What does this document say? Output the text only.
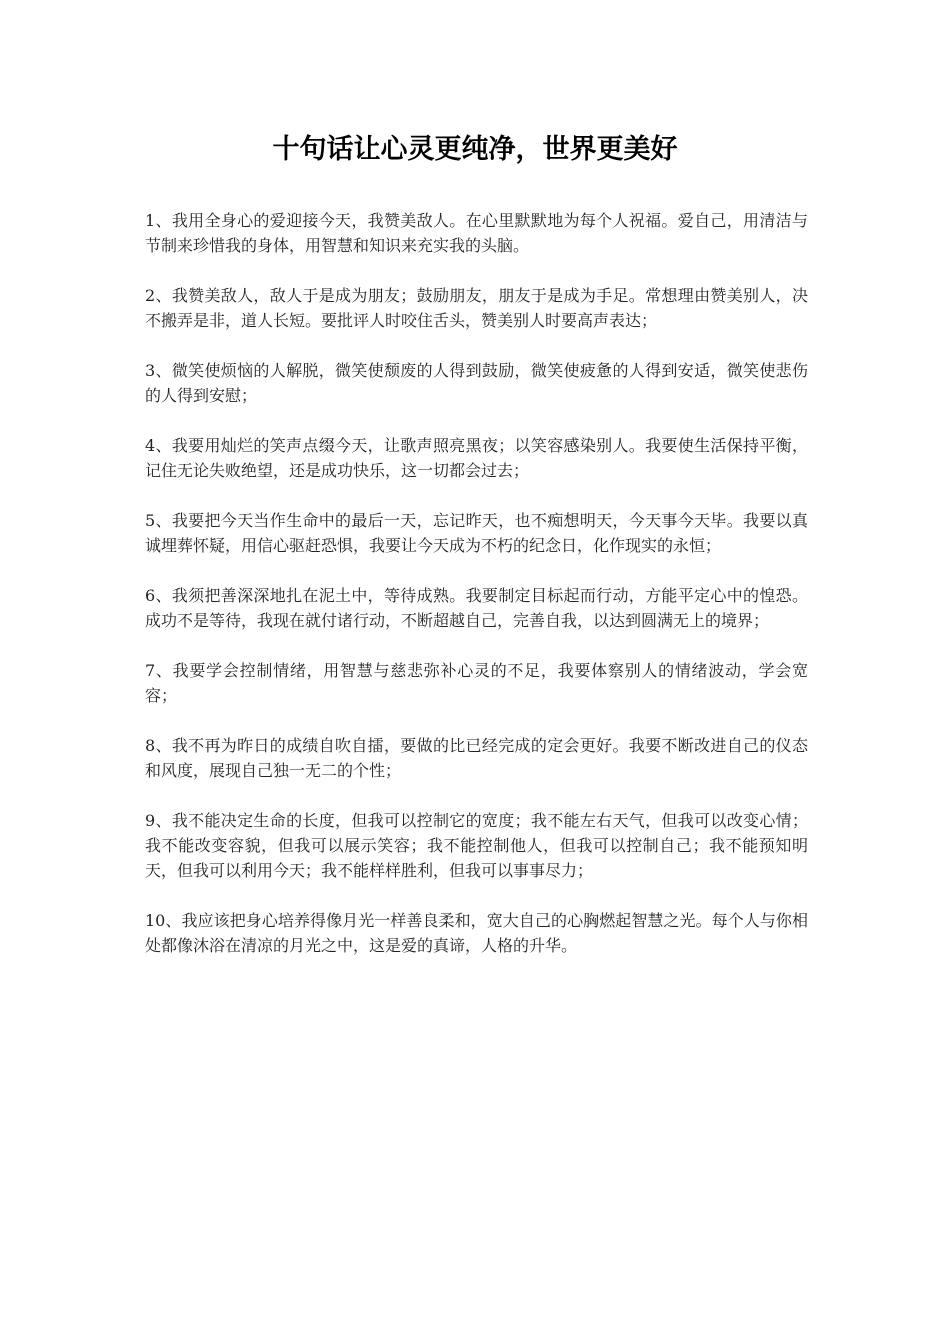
十句话让心灵更纯净，世界更美好

1、我用全身心的爱迎接今天，我赞美敌人。在心里默默地为每个人祝福。爱自己，用清洁与节制来珍惜我的身体，用智慧和知识来充实我的头脑。

2、我赞美敌人，敌人于是成为朋友；鼓励朋友，朋友于是成为手足。常想理由赞美别人，决不搬弄是非，道人长短。要批评人时咬住舌头，赞美别人时要高声表达；

3、微笑使烦恼的人解脱，微笑使颓废的人得到鼓励，微笑使疲惫的人得到安适，微笑使悲伤的人得到安慰；

4、我要用灿烂的笑声点缀今天，让歌声照亮黑夜；以笑容感染别人。我要使生活保持平衡，记住无论失败绝望，还是成功快乐，这一切都会过去；

5、我要把今天当作生命中的最后一天，忘记昨天，也不痴想明天，今天事今天毕。我要以真诚埋葬怀疑，用信心驱赶恐惧，我要让今天成为不朽的纪念日，化作现实的永恒；

6、我须把善深深地扎在泥土中，等待成熟。我要制定目标起而行动，方能平定心中的惶恐。成功不是等待，我现在就付诸行动，不断超越自己，完善自我，以达到圆满无上的境界；

7、我要学会控制情绪，用智慧与慈悲弥补心灵的不足，我要体察别人的情绪波动，学会宽容；

8、我不再为昨日的成绩自吹自擂，要做的比已经完成的定会更好。我要不断改进自己的仪态和风度，展现自己独一无二的个性；

9、我不能决定生命的长度，但我可以控制它的宽度；我不能左右天气，但我可以改变心情；我不能改变容貌，但我可以展示笑容；我不能控制他人，但我可以控制自己；我不能预知明天，但我可以利用今天；我不能样样胜利，但我可以事事尽力；

10、我应该把身心培养得像月光一样善良柔和，宽大自己的心胸燃起智慧之光。每个人与你相处都像沐浴在清凉的月光之中，这是爱的真谛，人格的升华。
